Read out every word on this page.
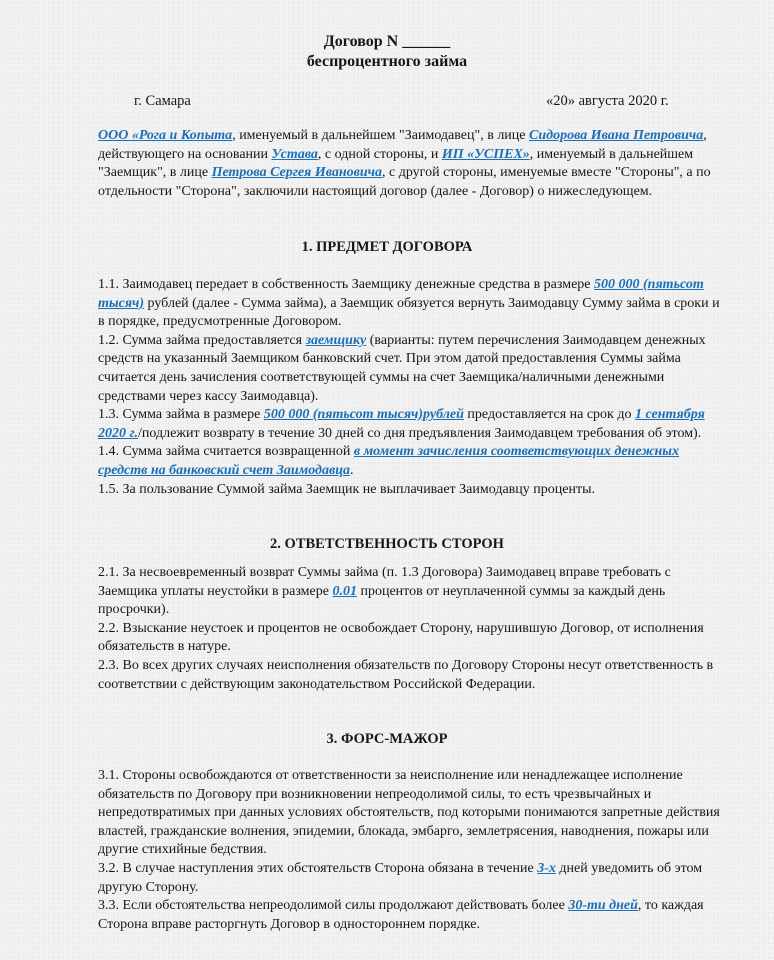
Договор N ______
беспроцентного займа
г. Самара	«20» августа 2020 г.

ООО «Рога и Копыта, именуемый в дальнейшем "Заимодавец", в лице Сидорова Ивана Петровича, действующего на основании Устава, с одной стороны, и ИП «УСПЕХ», именуемый в дальнейшем "Заемщик", в лице Петрова Сергея Ивановича, с другой стороны, именуемые вместе "Стороны", а по отдельности "Сторона", заключили настоящий договор (далее - Договор) о нижеследующем.

1. ПРЕДМЕТ ДОГОВОРА

1.1. Заимодавец передает в собственность Заемщику денежные средства в размере 500 000 (пятьсот тысяч) рублей (далее - Сумма займа), а Заемщик обязуется вернуть Заимодавцу Сумму займа в сроки и в порядке, предусмотренные Договором.

1.2. Сумма займа предоставляется заемщику (варианты: путем перечисления Заимодавцем денежных средств на указанный Заемщиком банковский счет. При этом датой предоставления Суммы займа считается день зачисления соответствующей суммы на счет Заемщика/наличными денежными средствами через кассу Заимодавца).

1.3. Сумма займа в размере 500 000 (пятьсот тысяч)рублей предоставляется на срок до 1 сентября 2020 г./подлежит возврату в течение 30 дней со дня предъявления Заимодавцем требования об этом).

1.4. Сумма займа считается возвращенной в момент зачисления соответствующих денежных средств на банковский счет Заимодавца.

1.5. За пользование Суммой займа Заемщик не выплачивает Заимодавцу проценты.

2. ОТВЕТСТВЕННОСТЬ СТОРОН

2.1. За несвоевременный возврат Суммы займа (п. 1.3 Договора) Заимодавец вправе требовать с Заемщика уплаты неустойки в размере 0.01 процентов от неуплаченной суммы за каждый день просрочки).

2.2. Взыскание неустоек и процентов не освобождает Сторону, нарушившую Договор, от исполнения обязательств в натуре.

2.3. Во всех других случаях неисполнения обязательств по Договору Стороны несут ответственность в соответствии с действующим законодательством Российской Федерации.

3. ФОРС-МАЖОР

3.1. Стороны освобождаются от ответственности за неисполнение или ненадлежащее исполнение обязательств по Договору при возникновении непреодолимой силы, то есть чрезвычайных и непредотвратимых при данных условиях обстоятельств, под которыми понимаются запретные действия властей, гражданские волнения, эпидемии, блокада, эмбарго, землетрясения, наводнения, пожары или другие стихийные бедствия.

3.2. В случае наступления этих обстоятельств Сторона обязана в течение 3-х дней уведомить об этом другую Сторону.

3.3. Если обстоятельства непреодолимой силы продолжают действовать более 30-ти дней, то каждая Сторона вправе расторгнуть Договор в одностороннем порядке.
